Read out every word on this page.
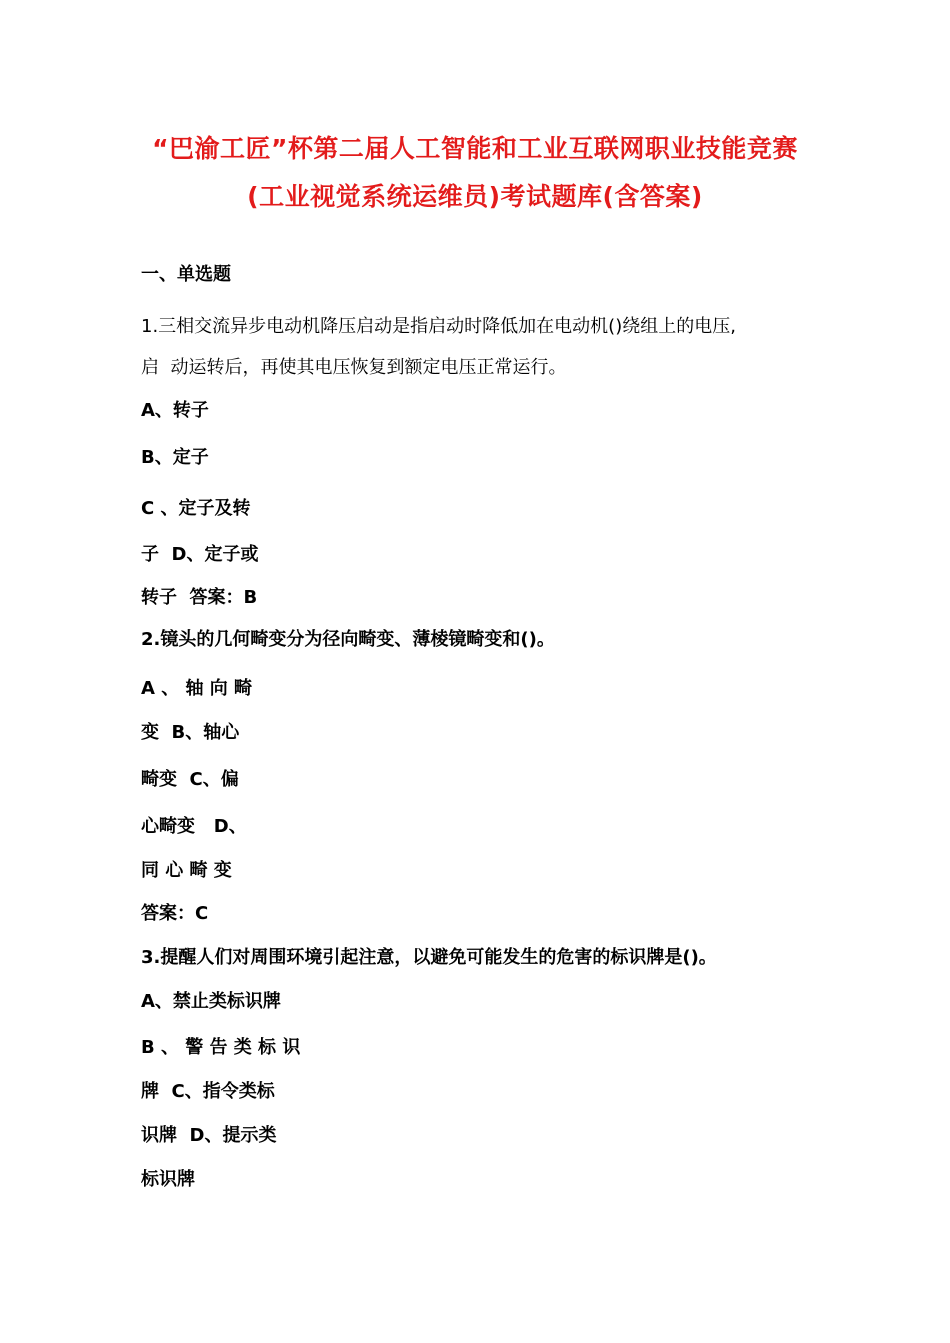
“巴渝工匠”杯第二届人工智能和工业互联网职业技能竞赛
(工业视觉系统运维员)考试题库(含答案)
一、单选题
1.三相交流异步电动机降压启动是指启动时降低加在电动机()绕组上的电压,
启  动运转后，再使其电压恢复到额定电压正常运行。
A、转子
B、定子
C 、定子及转
子  D、定子或
转子  答案：B
2.镜头的几何畸变分为径向畸变、薄棱镜畸变和()。
A 、 轴 向 畸
变  B、轴心
畸变  C、偏
心畸变   D、
同 心 畸 变
答案：C
3.提醒人们对周围环境引起注意，以避免可能发生的危害的标识牌是()。
A、禁止类标识牌
B 、 警 告 类 标 识
牌  C、指令类标
识牌  D、提示类
标识牌
